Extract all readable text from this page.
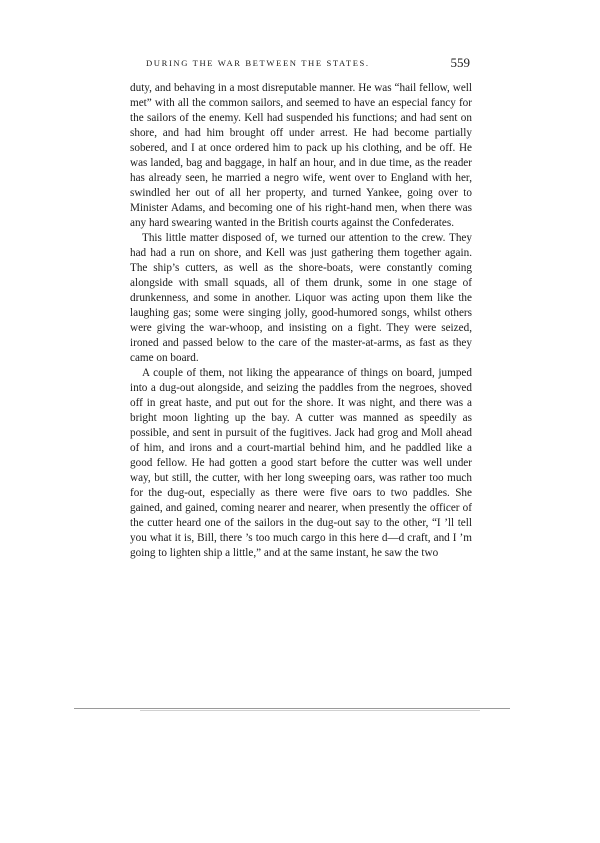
DURING THE WAR BETWEEN THE STATES.	559

duty, and behaving in a most disreputable manner. He was “hail fellow, well met” with all the common sailors, and seemed to have an especial fancy for the sailors of the enemy. Kell had suspended his functions; and had sent on shore, and had him brought off under arrest. He had become partially sobered, and I at once ordered him to pack up his clothing, and be off. He was landed, bag and baggage, in half an hour, and in due time, as the reader has already seen, he married a negro wife, went over to England with her, swindled her out of all her property, and turned Yankee, going over to Minister Adams, and becoming one of his right-hand men, when there was any hard swearing wanted in the British courts against the Confederates.

This little matter disposed of, we turned our attention to the crew. They had had a run on shore, and Kell was just gathering them together again. The ship’s cutters, as well as the shore-boats, were constantly coming alongside with small squads, all of them drunk, some in one stage of drunkenness, and some in another. Liquor was acting upon them like the laughing gas; some were singing jolly, good-humored songs, whilst others were giving the war-whoop, and insisting on a fight. They were seized, ironed and passed below to the care of the master-at-arms, as fast as they came on board.

A couple of them, not liking the appearance of things on board, jumped into a dug-out alongside, and seizing the paddles from the negroes, shoved off in great haste, and put out for the shore. It was night, and there was a bright moon lighting up the bay. A cutter was manned as speedily as possible, and sent in pursuit of the fugitives. Jack had grog and Moll ahead of him, and irons and a court-martial behind him, and he paddled like a good fellow. He had gotten a good start before the cutter was well under way, but still, the cutter, with her long sweeping oars, was rather too much for the dug-out, especially as there were five oars to two paddles. She gained, and gained, coming nearer and nearer, when presently the officer of the cutter heard one of the sailors in the dug-out say to the other, “I ’ll tell you what it is, Bill, there ’s too much cargo in this here d—d craft, and I ’m going to lighten ship a little,” and at the same instant, he saw the two
